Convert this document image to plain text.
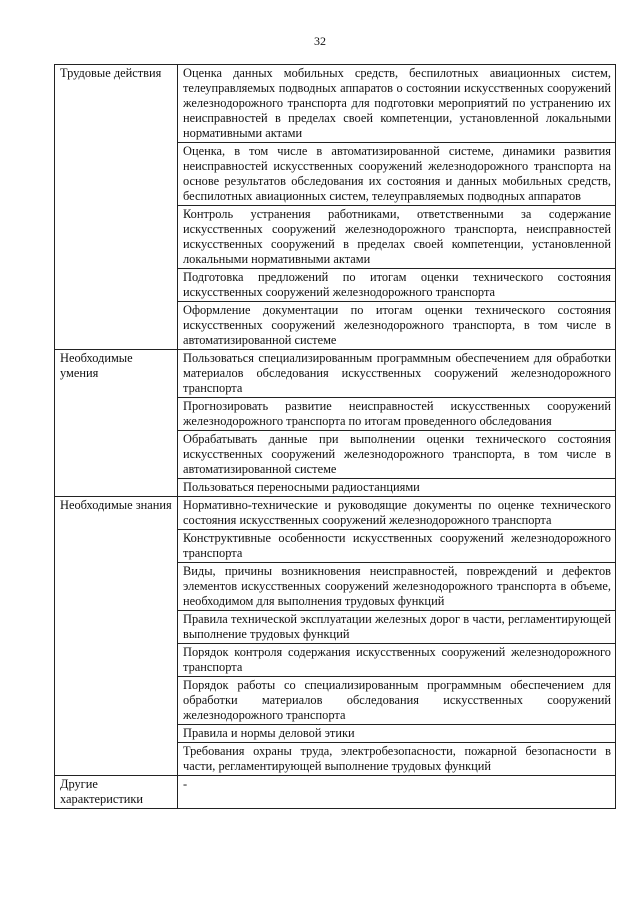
32
Трудовые действия	Оценка данных мобильных средств, беспилотных авиационных систем, телеуправляемых подводных аппаратов о состоянии искусственных сооружений железнодорожного транспорта для подготовки мероприятий по устранению их неисправностей в пределах своей компетенции, установленной локальными нормативными актами
	Оценка, в том числе в автоматизированной системе, динамики развития неисправностей искусственных сооружений железнодорожного транспорта на основе результатов обследования их состояния и данных мобильных средств, беспилотных авиационных систем, телеуправляемых подводных аппаратов
	Контроль устранения работниками, ответственными за содержание искусственных сооружений железнодорожного транспорта, неисправностей искусственных сооружений в пределах своей компетенции, установленной локальными нормативными актами
	Подготовка предложений по итогам оценки технического состояния искусственных сооружений железнодорожного транспорта
	Оформление документации по итогам оценки технического состояния искусственных сооружений железнодорожного транспорта, в том числе в автоматизированной системе
Необходимые умения	Пользоваться специализированным программным обеспечением для обработки материалов обследования искусственных сооружений железнодорожного транспорта
	Прогнозировать развитие неисправностей искусственных сооружений железнодорожного транспорта по итогам проведенного обследования
	Обрабатывать данные при выполнении оценки технического состояния искусственных сооружений железнодорожного транспорта, в том числе в автоматизированной системе
	Пользоваться переносными радиостанциями
Необходимые знания	Нормативно-технические и руководящие документы по оценке технического состояния искусственных сооружений железнодорожного транспорта
	Конструктивные особенности искусственных сооружений железнодорожного транспорта
	Виды, причины возникновения неисправностей, повреждений и дефектов элементов искусственных сооружений железнодорожного транспорта в объеме, необходимом для выполнения трудовых функций
	Правила технической эксплуатации железных дорог в части, регламентирующей выполнение трудовых функций
	Порядок контроля содержания искусственных сооружений железнодорожного транспорта
	Порядок работы со специализированным программным обеспечением для обработки материалов обследования искусственных сооружений железнодорожного транспорта
	Правила и нормы деловой этики
	Требования охраны труда, электробезопасности, пожарной безопасности в части, регламентирующей выполнение трудовых функций
Другие характеристики	-
